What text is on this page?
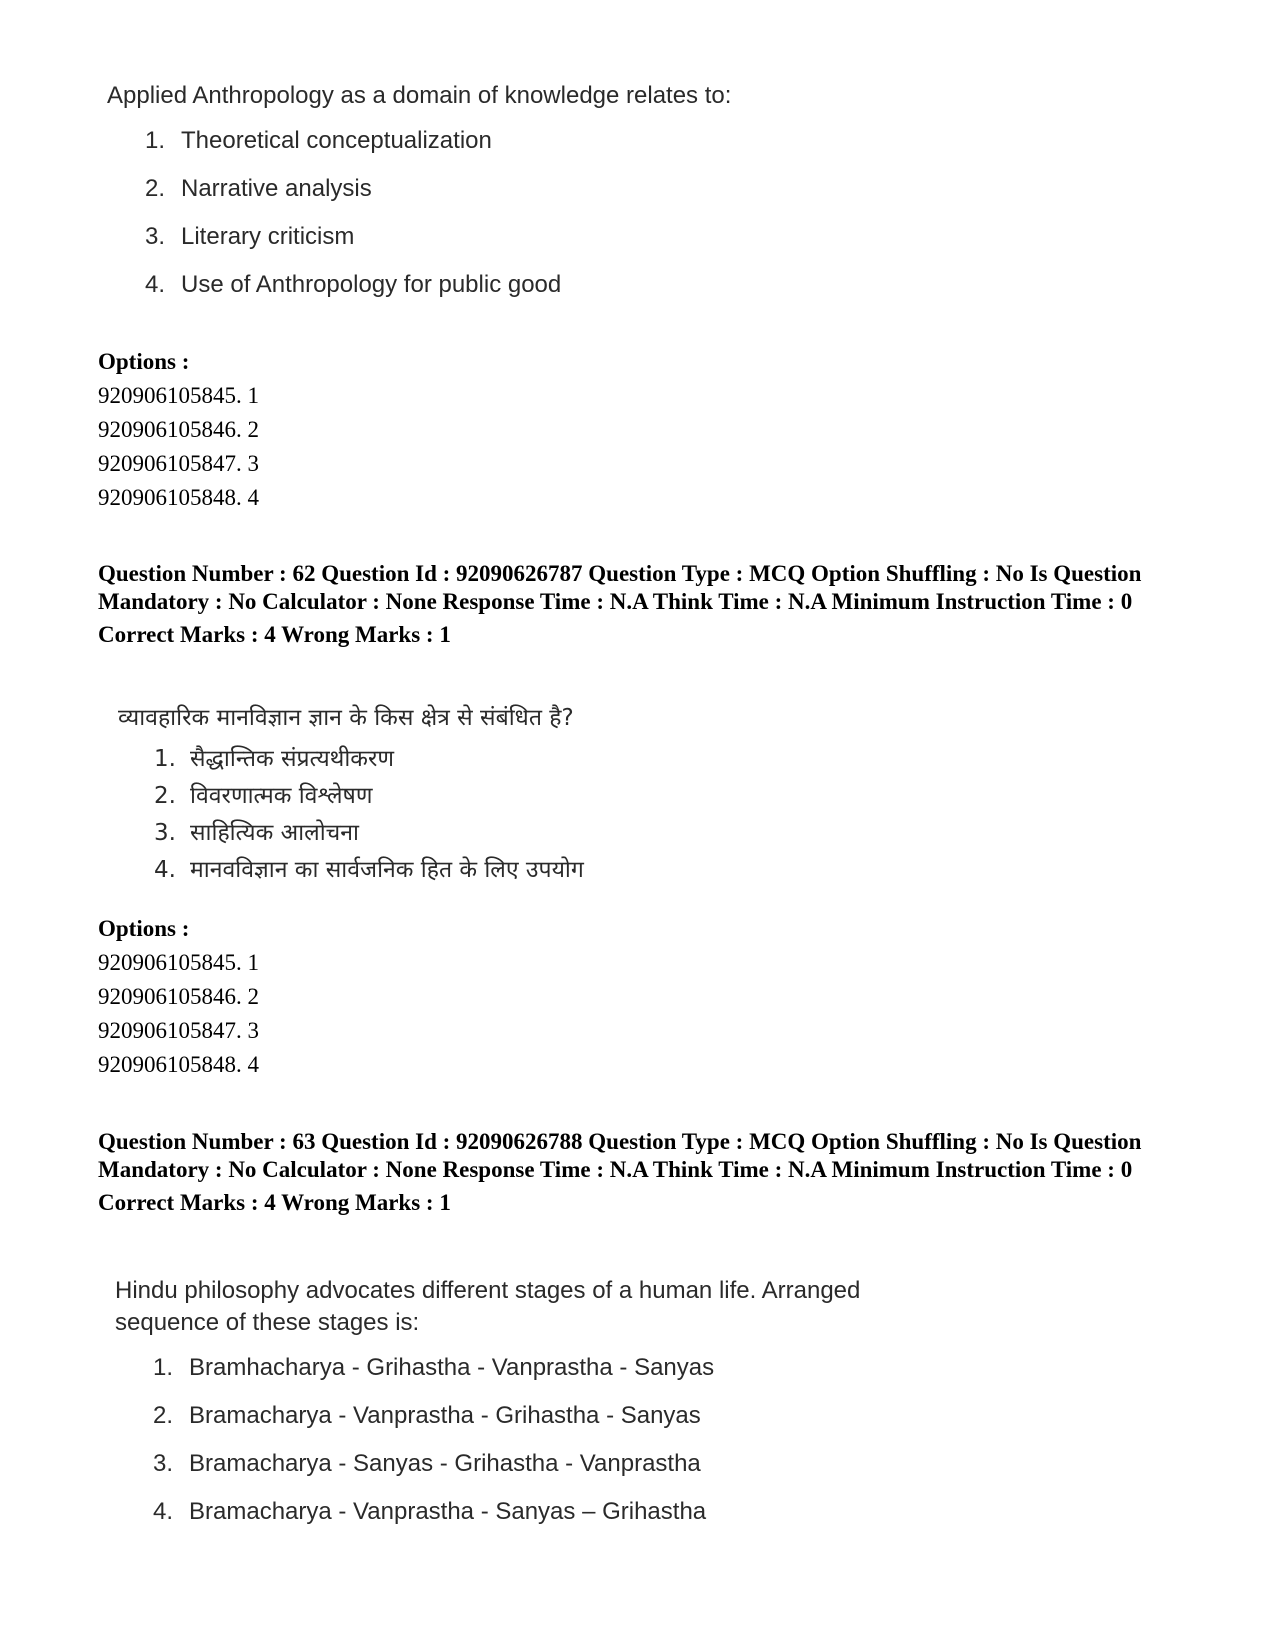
Applied Anthropology as a domain of knowledge relates to:

1. Theoretical conceptualization
2. Narrative analysis
3. Literary criticism
4. Use of Anthropology for public good
Options :
920906105845. 1
920906105846. 2
920906105847. 3
920906105848. 4
Question Number : 62 Question Id : 92090626787 Question Type : MCQ Option Shuffling : No Is Question Mandatory : No Calculator : None Response Time : N.A Think Time : N.A Minimum Instruction Time : 0
Correct Marks : 4 Wrong Marks : 1

व्यावहारिक मानविज्ञान ज्ञान के किस क्षेत्र से संबंधित है?

1. सैद्धान्तिक संप्रत्यथीकरण
2. विवरणात्मक विश्लेषण
3. साहित्यिक आलोचना
4. मानवविज्ञान का सार्वजनिक हित के लिए उपयोग
Options :
920906105845. 1
920906105846. 2
920906105847. 3
920906105848. 4
Question Number : 63 Question Id : 92090626788 Question Type : MCQ Option Shuffling : No Is Question Mandatory : No Calculator : None Response Time : N.A Think Time : N.A Minimum Instruction Time : 0
Correct Marks : 4 Wrong Marks : 1

Hindu philosophy advocates different stages of a human life. Arranged sequence of these stages is:

1. Bramhacharya - Grihastha - Vanprastha - Sanyas
2. Bramacharya - Vanprastha - Grihastha - Sanyas
3. Bramacharya - Sanyas - Grihastha - Vanprastha
4. Bramacharya - Vanprastha - Sanyas – Grihastha
